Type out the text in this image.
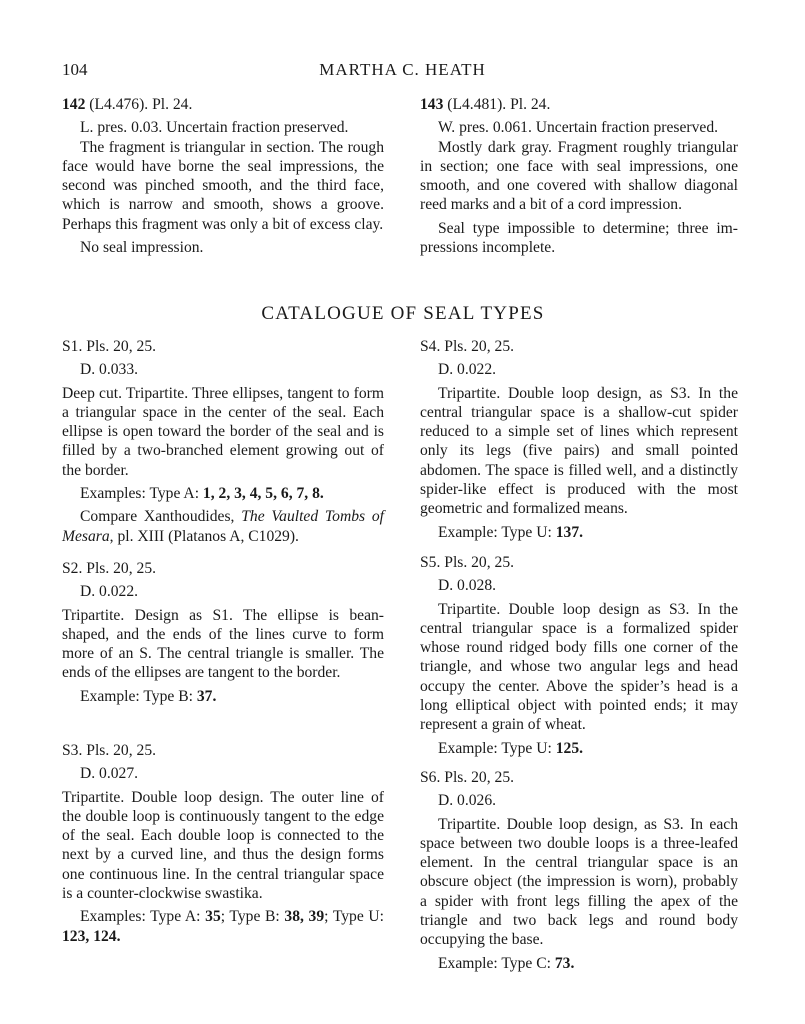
104	MARTHA C. HEATH

142 (L4.476). Pl. 24.

L. pres. 0.03. Uncertain fraction preserved.

The fragment is triangular in section. The rough face would have borne the seal impressions, the second was pinched smooth, and the third face, which is narrow and smooth, shows a groove. Perhaps this fragment was only a bit of excess clay.

No seal impression.

143 (L4.481). Pl. 24.

W. pres. 0.061. Uncertain fraction preserved.

Mostly dark gray. Fragment roughly triangular in section; one face with seal impressions, one smooth, and one covered with shallow diagonal reed marks and a bit of a cord impression.

Seal type impossible to determine; three impressions incomplete.

CATALOGUE OF SEAL TYPES

S1. Pls. 20, 25.

D. 0.033.

Deep cut. Tripartite. Three ellipses, tangent to form a triangular space in the center of the seal. Each ellipse is open toward the border of the seal and is filled by a two-branched element growing out of the border.

Examples: Type A: 1, 2, 3, 4, 5, 6, 7, 8.

Compare Xanthoudides, The Vaulted Tombs of Mesara, pl. XIII (Platanos A, C1029).

S2. Pls. 20, 25.

D. 0.022.

Tripartite. Design as S1. The ellipse is bean-shaped, and the ends of the lines curve to form more of an S. The central triangle is smaller. The ends of the ellipses are tangent to the border.

Example: Type B: 37.

S3. Pls. 20, 25.

D. 0.027.

Tripartite. Double loop design. The outer line of the double loop is continuously tangent to the edge of the seal. Each double loop is connected to the next by a curved line, and thus the design forms one continuous line. In the central triangular space is a counter-clockwise swastika.

Examples: Type A: 35; Type B: 38, 39; Type U: 123, 124.

S4. Pls. 20, 25.

D. 0.022.

Tripartite. Double loop design, as S3. In the central triangular space is a shallow-cut spider reduced to a simple set of lines which represent only its legs (five pairs) and small pointed abdomen. The space is filled well, and a distinctly spider-like effect is produced with the most geometric and formalized means.

Example: Type U: 137.

S5. Pls. 20, 25.

D. 0.028.

Tripartite. Double loop design as S3. In the central triangular space is a formalized spider whose round ridged body fills one corner of the triangle, and whose two angular legs and head occupy the center. Above the spider’s head is a long elliptical object with pointed ends; it may represent a grain of wheat.

Example: Type U: 125.

S6. Pls. 20, 25.

D. 0.026.

Tripartite. Double loop design, as S3. In each space between two double loops is a three-leafed element. In the central triangular space is an obscure object (the impression is worn), probably a spider with front legs filling the apex of the triangle and two back legs and round body occupying the base.

Example: Type C: 73.
